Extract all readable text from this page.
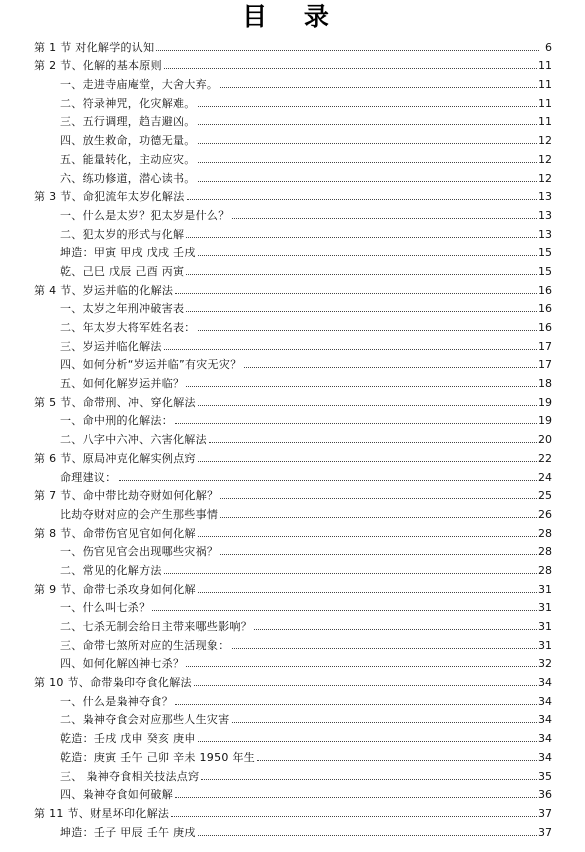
目 录
第 1 节 对化解学的认知	6
第 2 节、化解的基本原则	11
一、走进寺庙庵堂，大舍大弃。	11
二、符录神咒，化灾解难。	11
三、五行调理，趋吉避凶。	11
四、放生救命，功德无量。	12
五、能量转化，主动应灾。	12
六、练功修道，潜心读书。	12
第 3 节、命犯流年太岁化解法	13
一、什么是太岁？犯太岁是什么？	13
二、犯太岁的形式与化解	13
坤造：甲寅 甲戌 戊戌 壬戌	15
乾、己巳 戊辰 己酉 丙寅	15
第 4 节、岁运并临的化解法	16
一、太岁之年刑冲破害表	16
二、年太岁大将军姓名表：	16
三、岁运并临化解法	17
四、如何分析“岁运并临”有灾无灾？	17
五、如何化解岁运并临？	18
第 5 节、命带刑、冲、穿化解法	19
一、命中刑的化解法：	19
二、八字中六冲、六害化解法	20
第 6 节、原局冲克化解实例点窍	22
命理建议：	24
第 7 节、命中带比劫夺财如何化解？	25
比劫夺财对应的会产生那些事情	26
第 8 节、命带伤官见官如何化解	28
一、伤官见官会出现哪些灾祸？	28
二、常见的化解方法	28
第 9 节、命带七杀攻身如何化解	31
一、什么叫七杀？	31
二、七杀无制会给日主带来哪些影响？	31
三、命带七煞所对应的生活现象：	31
四、如何化解凶神七杀？	32
第 10 节、命带枭印夺食化解法	34
一、什么是枭神夺食？	34
二、枭神夺食会对应那些人生灾害	34
乾造：壬戌 戊申 癸亥 庚申	34
乾造：庚寅 壬午 己卯 辛未 1950 年生	34
三、 枭神夺食相关技法点窍	35
四、枭神夺食如何破解	36
第 11 节、财星坏印化解法	37
坤造：壬子 甲辰 壬午 庚戌	37
